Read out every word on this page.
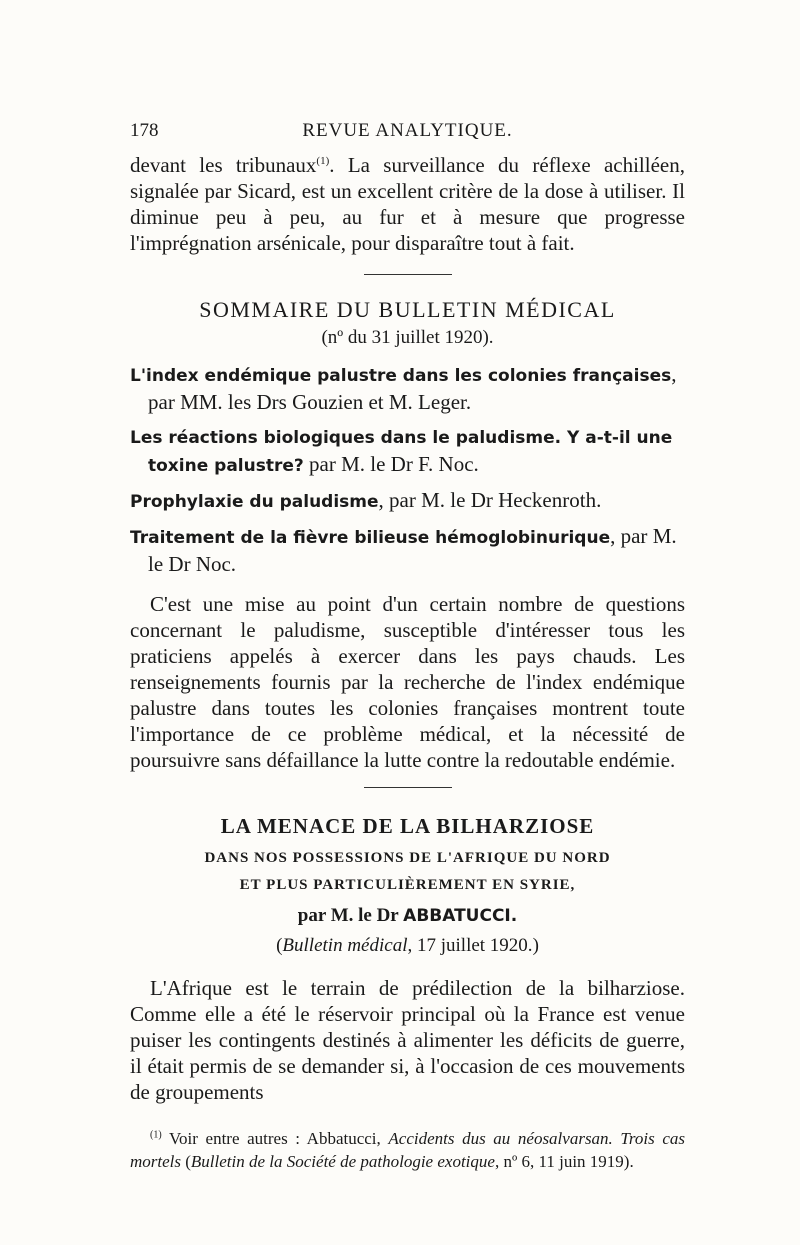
178	REVUE ANALYTIQUE.

devant les tribunaux$^{(1)}$. La surveillance du réflexe achilléen, signalée par Sicard, est un excellent critère de la dose à utiliser. Il diminue peu à peu, au fur et à mesure que progresse l'imprégnation arsénicale, pour disparaître tout à fait.

SOMMAIRE DU BULLETIN MÉDICAL
(nº du 31 juillet 1920).

L'index endémique palustre dans les colonies françaises, par MM. les Drs Gouzien et M. Leger.

Les réactions biologiques dans le paludisme. Y a-t-il une toxine palustre? par M. le Dr F. Noc.

Prophylaxie du paludisme, par M. le Dr Heckenroth.

Traitement de la fièvre bilieuse hémoglobinurique, par M. le Dr Noc.

C'est une mise au point d'un certain nombre de questions concernant le paludisme, susceptible d'intéresser tous les praticiens appelés à exercer dans les pays chauds. Les renseignements fournis par la recherche de l'index endémique palustre dans toutes les colonies françaises montrent toute l'importance de ce problème médical, et la nécessité de poursuivre sans défaillance la lutte contre la redoutable endémie.

LA MENACE DE LA BILHARZIOSE
DANS NOS POSSESSIONS DE L'AFRIQUE DU NORD
ET PLUS PARTICULIÈREMENT EN SYRIE,
par M. le Dr ABBATUCCI.
(Bulletin médical, 17 juillet 1920.)

L'Afrique est le terrain de prédilection de la bilharziose. Comme elle a été le réservoir principal où la France est venue puiser les contingents destinés à alimenter les déficits de guerre, il était permis de se demander si, à l'occasion de ces mouvements de groupements

$^{(1)}$ Voir entre autres : Abbatucci, Accidents dus au néosalvarsan. Trois cas mortels (Bulletin de la Société de pathologie exotique, nº 6, 11 juin 1919).
